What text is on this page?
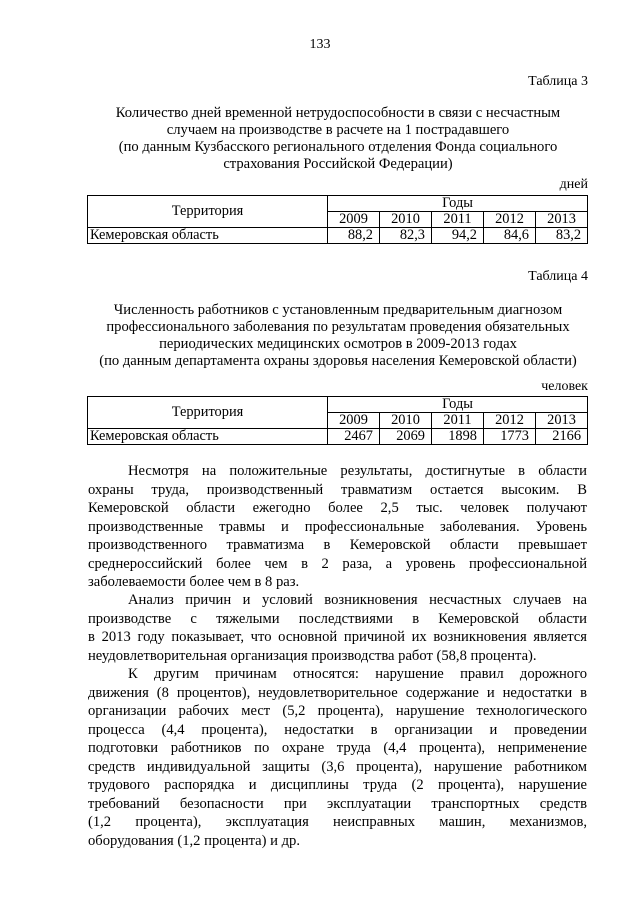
133
Таблица 3
Количество дней временной нетрудоспособности в связи с несчастным
случаем на производстве в расчете на 1 пострадавшего
(по данным Кузбасского регионального отделения Фонда социального
страхования Российской Федерации)
дней
Территория	Годы				
	2009	2010	2011	2012	2013
Кемеровская область	88,2	82,3	94,2	84,6	83,2
Таблица 4
Численность работников с установленным предварительным диагнозом
профессионального заболевания по результатам проведения обязательных
периодических медицинских осмотров в 2009-2013 годах
(по данным департамента охраны здоровья населения Кемеровской области)
человек
Территория	Годы				
	2009	2010	2011	2012	2013
Кемеровская область	2467	2069	1898	1773	2166
Несмотря на положительные результаты, достигнутые в области
охраны труда, производственный травматизм остается высоким. В
Кемеровской области ежегодно более 2,5 тыс. человек получают
производственные травмы и профессиональные заболевания. Уровень
производственного травматизма в Кемеровской области превышает
среднероссийский более чем в 2 раза, а уровень профессиональной
заболеваемости более чем в 8 раз.
Анализ причин и условий возникновения несчастных случаев на
производстве с тяжелыми последствиями в Кемеровской области
в 2013 году показывает, что основной причиной их возникновения является
неудовлетворительная организация производства работ (58,8 процента).
К другим причинам относятся: нарушение правил дорожного
движения (8 процентов), неудовлетворительное содержание и недостатки в
организации рабочих мест (5,2 процента), нарушение технологического
процесса (4,4 процента), недостатки в организации и проведении
подготовки работников по охране труда (4,4 процента), неприменение
средств индивидуальной защиты (3,6 процента), нарушение работником
трудового распорядка и дисциплины труда (2 процента), нарушение
требований безопасности при эксплуатации транспортных средств
(1,2 процента), эксплуатация неисправных машин, механизмов,
оборудования (1,2 процента) и др.
